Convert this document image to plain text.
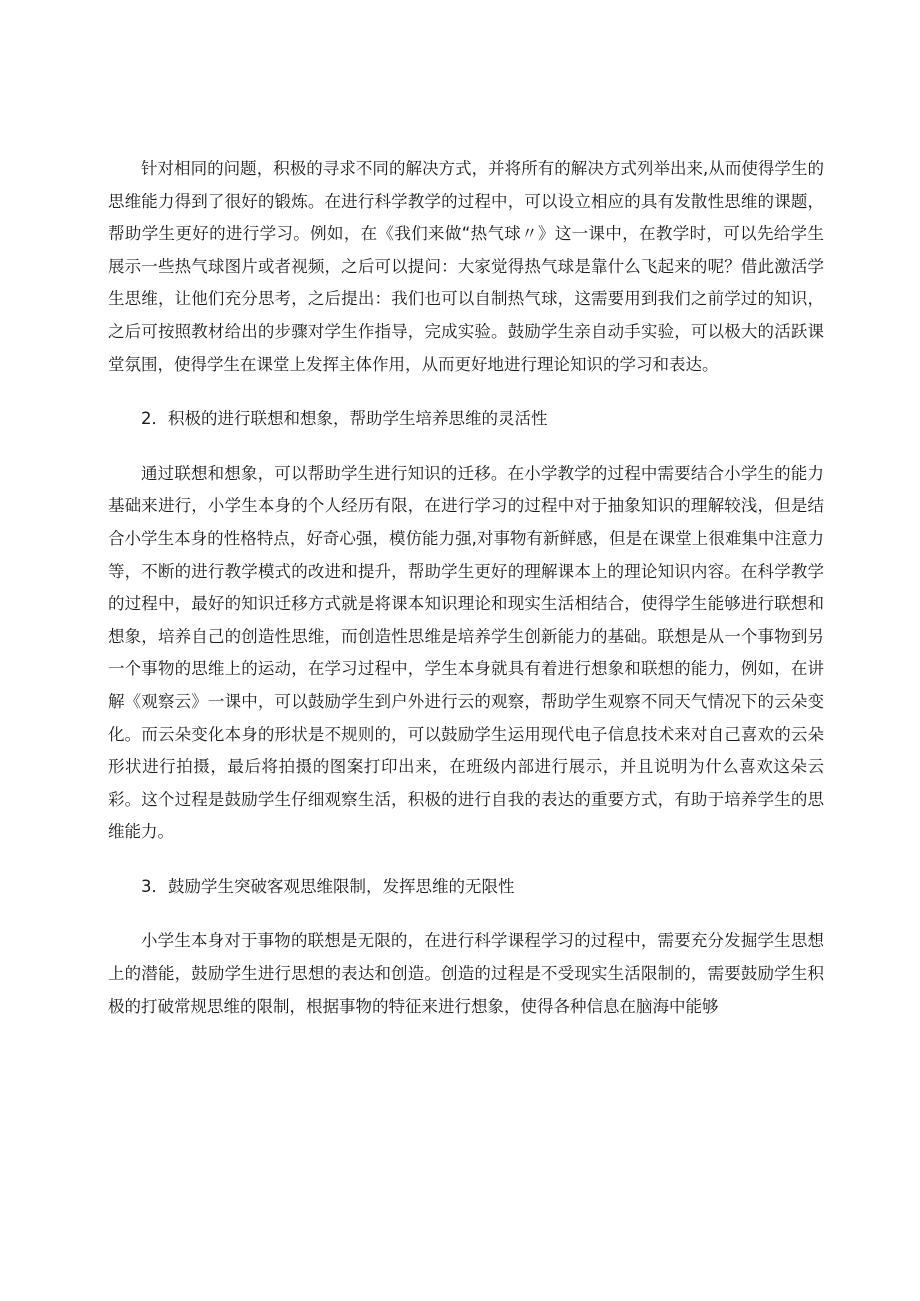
针对相同的问题，积极的寻求不同的解决方式，并将所有的解决方式列举出来,从而使得学生的思维能力得到了很好的锻炼。在进行科学教学的过程中，可以设立相应的具有发散性思维的课题，帮助学生更好的进行学习。例如，在《我们来做“热气球〃》这一课中，在教学时，可以先给学生展示一些热气球图片或者视频，之后可以提问：大家觉得热气球是靠什么飞起来的呢？借此激活学生思维，让他们充分思考，之后提出：我们也可以自制热气球，这需要用到我们之前学过的知识，之后可按照教材给出的步骤对学生作指导，完成实验。鼓励学生亲自动手实验，可以极大的活跃课堂氛围，使得学生在课堂上发挥主体作用，从而更好地进行理论知识的学习和表达。

2．积极的进行联想和想象，帮助学生培养思维的灵活性

通过联想和想象，可以帮助学生进行知识的迁移。在小学教学的过程中需要结合小学生的能力基础来进行，小学生本身的个人经历有限，在进行学习的过程中对于抽象知识的理解较浅，但是结合小学生本身的性格特点，好奇心强，模仿能力强,对事物有新鲜感，但是在课堂上很难集中注意力等，不断的进行教学模式的改进和提升，帮助学生更好的理解课本上的理论知识内容。在科学教学的过程中，最好的知识迁移方式就是将课本知识理论和现实生活相结合，使得学生能够进行联想和想象，培养自己的创造性思维，而创造性思维是培养学生创新能力的基础。联想是从一个事物到另一个事物的思维上的运动，在学习过程中，学生本身就具有着进行想象和联想的能力，例如，在讲解《观察云》一课中，可以鼓励学生到户外进行云的观察，帮助学生观察不同天气情况下的云朵变化。而云朵变化本身的形状是不规则的，可以鼓励学生运用现代电子信息技术来对自己喜欢的云朵形状进行拍摄，最后将拍摄的图案打印出来，在班级内部进行展示，并且说明为什么喜欢这朵云彩。这个过程是鼓励学生仔细观察生活，积极的进行自我的表达的重要方式，有助于培养学生的思维能力。

3．鼓励学生突破客观思维限制，发挥思维的无限性

小学生本身对于事物的联想是无限的，在进行科学课程学习的过程中，需要充分发掘学生思想上的潜能，鼓励学生进行思想的表达和创造。创造的过程是不受现实生活限制的，需要鼓励学生积极的打破常规思维的限制，根据事物的特征来进行想象，使得各种信息在脑海中能够
